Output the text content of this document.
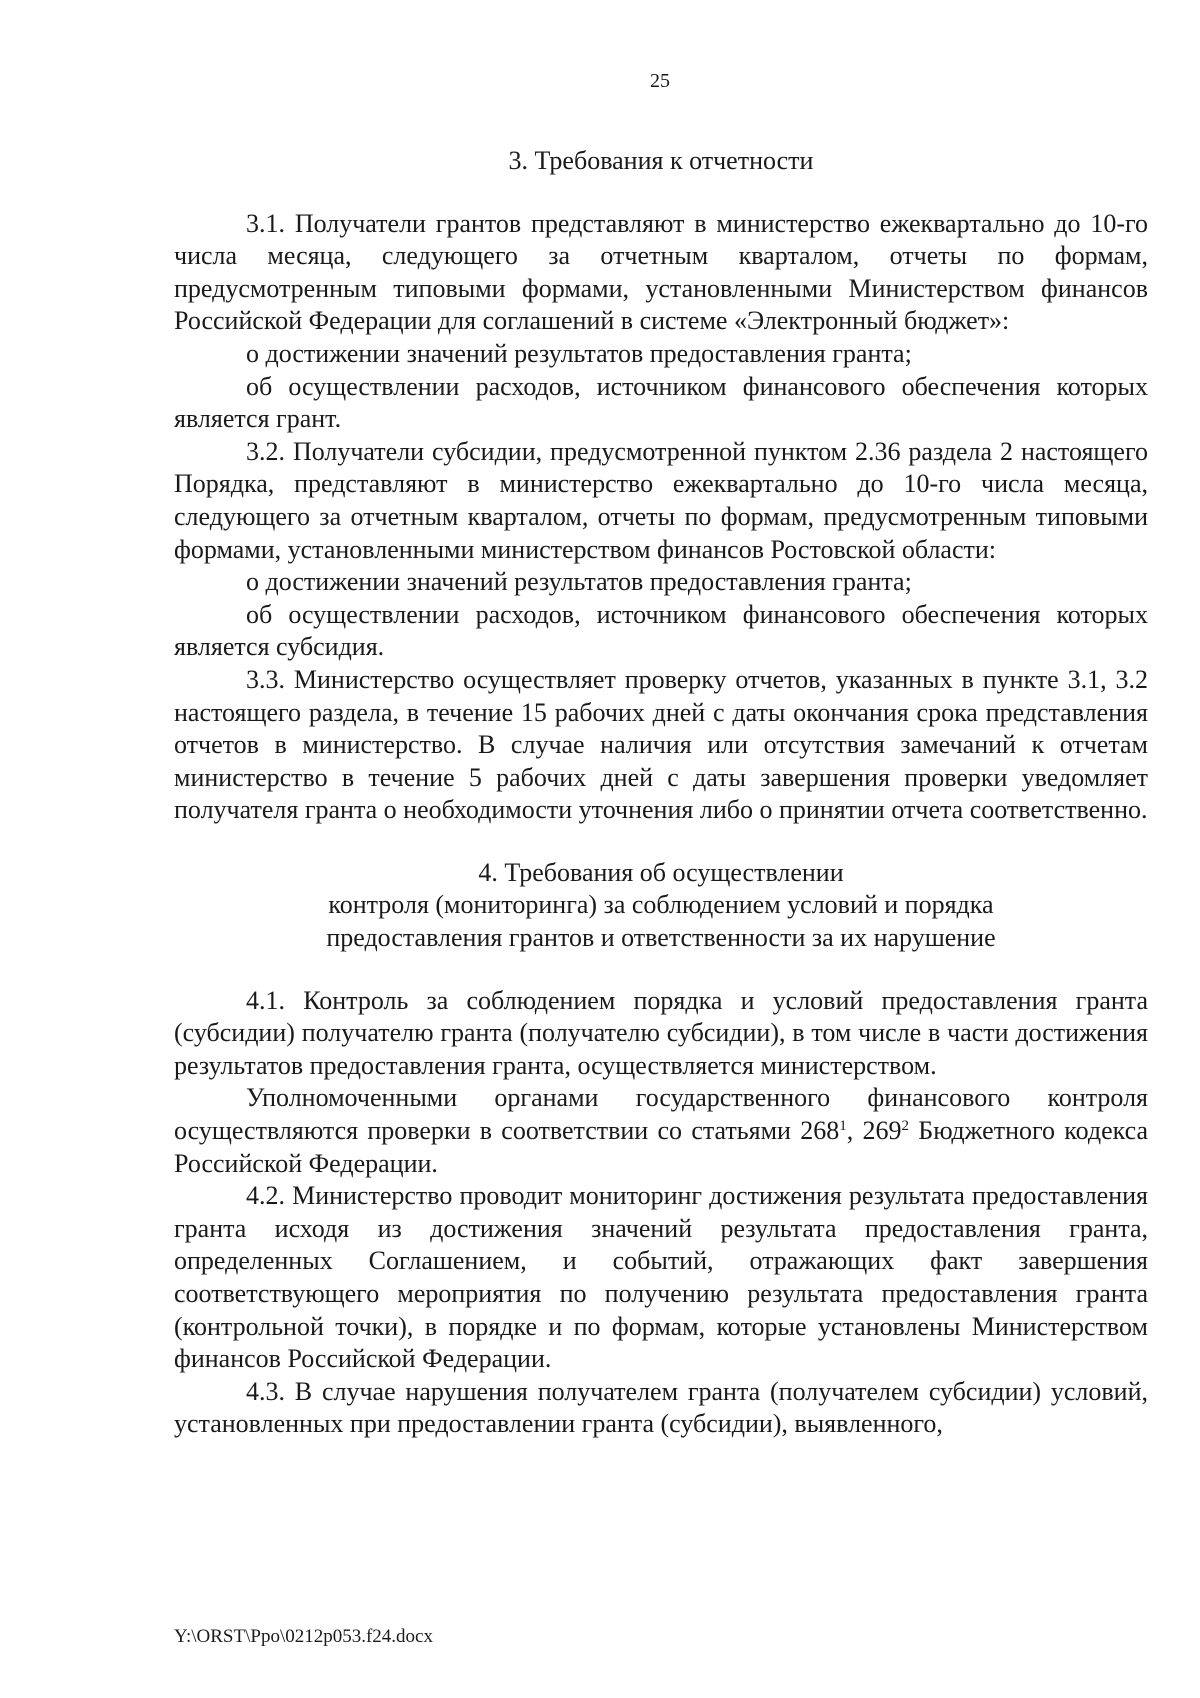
25
3. Требования к отчетности

3.1. Получатели грантов представляют в министерство ежеквартально до 10-го числа месяца, следующего за отчетным кварталом, отчеты по формам, предусмотренным типовыми формами, установленными Министерством финансов Российской Федерации для соглашений в системе «Электронный бюджет»:

о достижении значений результатов предоставления гранта;

об осуществлении расходов, источником финансового обеспечения которых является грант.

3.2. Получатели субсидии, предусмотренной пунктом 2.36 раздела 2 настоящего Порядка, представляют в министерство ежеквартально до 10-го числа месяца, следующего за отчетным кварталом, отчеты по формам, предусмотренным типовыми формами, установленными министерством финансов Ростовской области:

о достижении значений результатов предоставления гранта;

об осуществлении расходов, источником финансового обеспечения которых является субсидия.

3.3. Министерство осуществляет проверку отчетов, указанных в пункте 3.1, 3.2 настоящего раздела, в течение 15 рабочих дней с даты окончания срока представления отчетов в министерство. В случае наличия или отсутствия замечаний к отчетам министерство в течение 5 рабочих дней с даты завершения проверки уведомляет получателя гранта о необходимости уточнения либо о принятии отчета соответственно.

4. Требования об осуществлении
контроля (мониторинга) за соблюдением условий и порядка
предоставления грантов и ответственности за их нарушение

4.1. Контроль за соблюдением порядка и условий предоставления гранта (субсидии) получателю гранта (получателю субсидии), в том числе в части достижения результатов предоставления гранта, осуществляется министерством.

Уполномоченными органами государственного финансового контроля осуществляются проверки в соответствии со статьями $268^1$, $269^2$ Бюджетного кодекса Российской Федерации.

4.2. Министерство проводит мониторинг достижения результата предоставления гранта исходя из достижения значений результата предоставления гранта, определенных Соглашением, и событий, отражающих факт завершения соответствующего мероприятия по получению результата предоставления гранта (контрольной точки), в порядке и по формам, которые установлены Министерством финансов Российской Федерации.

4.3. В случае нарушения получателем гранта (получателем субсидии) условий, установленных при предоставлении гранта (субсидии), выявленного,

Y:\ORST\Ppo\0212p053.f24.docx
